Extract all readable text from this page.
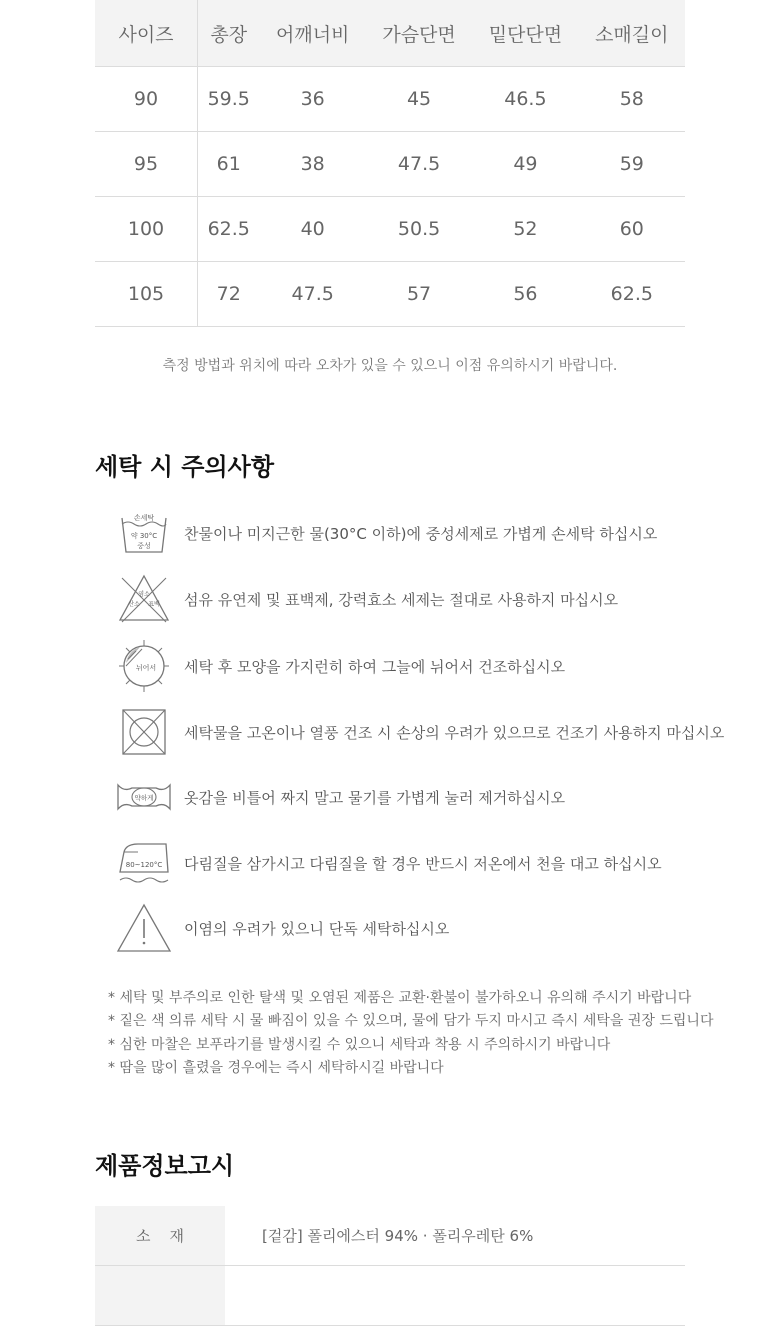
사이즈	총장	어깨너비	가슴단면	밑단단면	소매길이
90	59.5	36	45	46.5	58
95	61	38	47.5	49	59
100	62.5	40	50.5	52	60
105	72	47.5	57	56	62.5
측정 방법과 위치에 따라 오차가 있을 수 있으니 이점 유의하시기 바랍니다.
세탁 시 주의사항
손세탁
약 30°C
중성
찬물이나 미지근한 물(30°C 이하)에 중성세제로 가볍게 손세탁 하십시오
염소
산소 표백 섬유 유연제 및 표백제, 강력효소 세제는 절대로 사용하지 마십시오
뉘어서 세탁 후 모양을 가지런히 하여 그늘에 뉘어서 건조하십시오
세탁물을 고온이나 열풍 건조 시 손상의 우려가 있으므로 건조기 사용하지 마십시오
약하게 옷감을 비틀어 짜지 말고 물기를 가볍게 눌러 제거하십시오
80~120°C 다림질을 삼가시고 다림질을 할 경우 반드시 저온에서 천을 대고 하십시오
이염의 우려가 있으니 단독 세탁하십시오
* 세탁 및 부주의로 인한 탈색 및 오염된 제품은 교환·환불이 불가하오니 유의해 주시기 바랍니다
* 짙은 색 의류 세탁 시 물 빠짐이 있을 수 있으며, 물에 담가 두지 마시고 즉시 세탁을 권장 드립니다
* 심한 마찰은 보푸라기를 발생시킬 수 있으니 세탁과 착용 시 주의하시기 바랍니다
* 땀을 많이 흘렸을 경우에는 즉시 세탁하시길 바랍니다
제품정보고시
소    재	[겉감] 폴리에스터 94% · 폴리우레탄 6%
